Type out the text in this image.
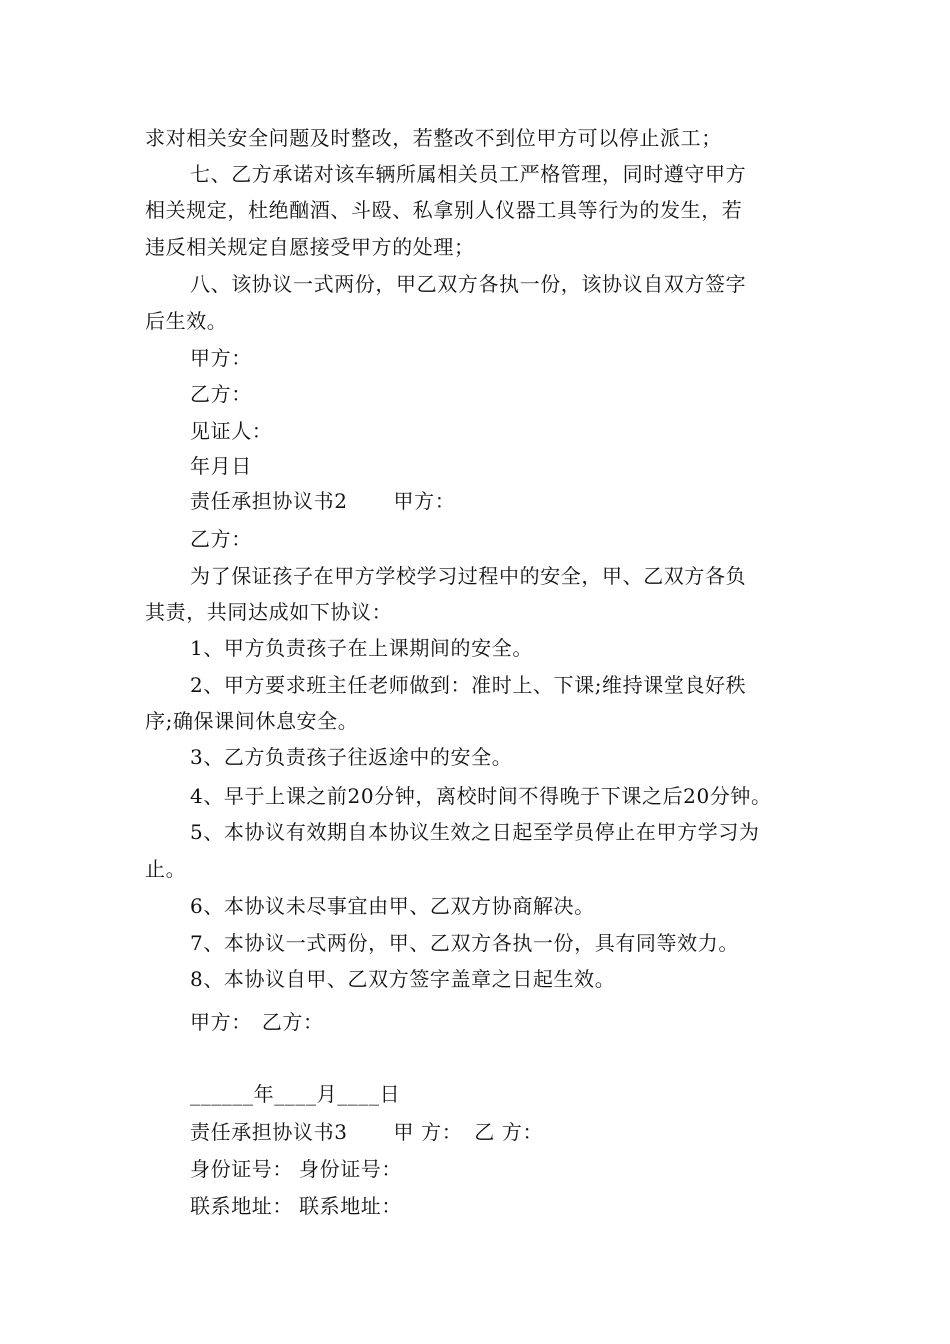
求对相关安全问题及时整改，若整改不到位甲方可以停止派工；
七、乙方承诺对该车辆所属相关员工严格管理，同时遵守甲方
相关规定，杜绝酗酒、斗殴、私拿别人仪器工具等行为的发生，若
违反相关规定自愿接受甲方的处理；
八、该协议一式两份，甲乙双方各执一份，该协议自双方签字
后生效。
甲方：
乙方：
见证人：
年月日
责任承担协议书2 甲方：
乙方：
为了保证孩子在甲方学校学习过程中的安全，甲、乙双方各负
其责，共同达成如下协议：
1、甲方负责孩子在上课期间的安全。
2、甲方要求班主任老师做到：准时上、下课;维持课堂良好秩
序;确保课间休息安全。
3、乙方负责孩子往返途中的安全。
4、早于上课之前20分钟，离校时间不得晚于下课之后20分钟。
5、本协议有效期自本协议生效之日起至学员停止在甲方学习为
止。
6、本协议未尽事宜由甲、乙双方协商解决。
7、本协议一式两份，甲、乙双方各执一份，具有同等效力。
8、本协议自甲、乙双方签字盖章之日起生效。
甲方： 乙方：
______年____月____日
责任承担协议书3 甲 方： 乙 方：
身份证号： 身份证号：
联系地址： 联系地址：
